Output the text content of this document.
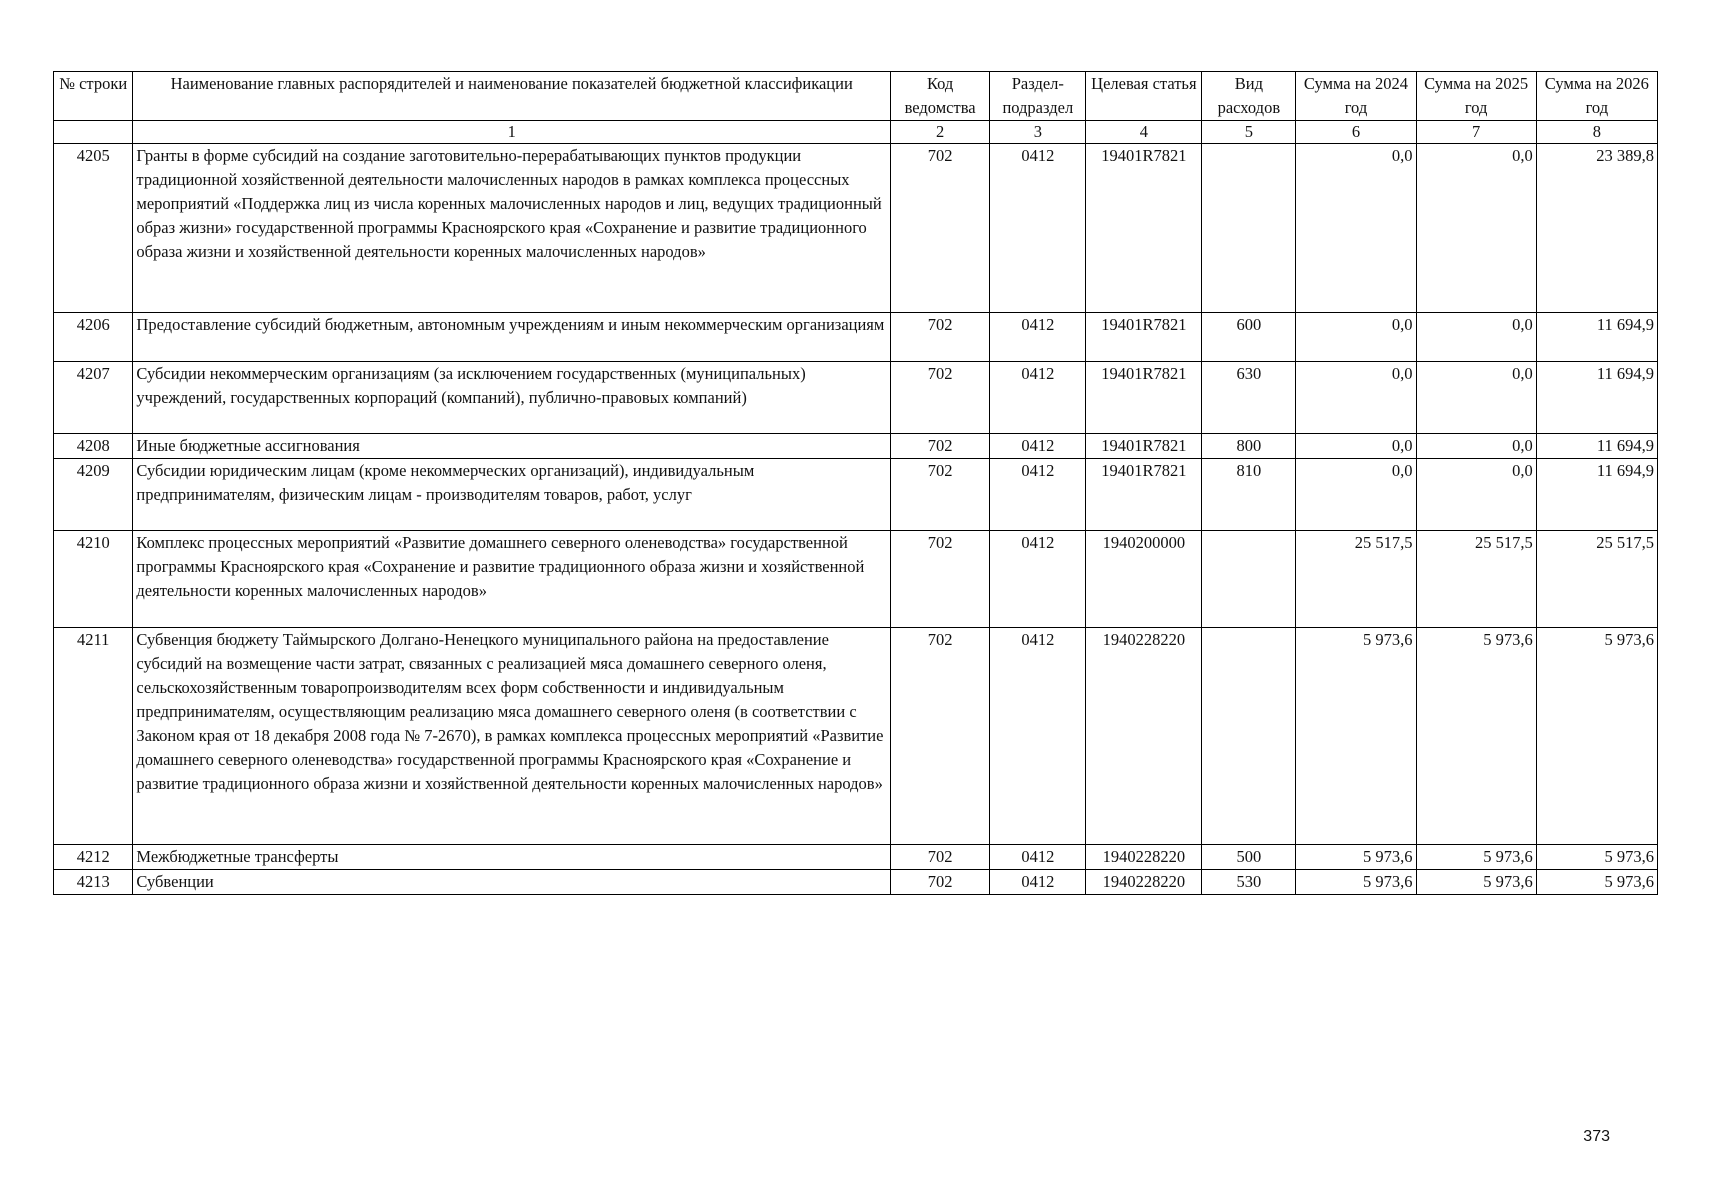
№ строки	Наименование главных распорядителей и наименование показателей бюджетной классификации	Код ведомства	Раздел-подраздел	Целевая статья	Вид расходов	Сумма на 2024 год	Сумма на 2025 год	Сумма на 2026 год
	1	2	3	4	5	6	7	8
4205	Гранты в форме субсидий на создание заготовительно-перерабатывающих пунктов продукции традиционной хозяйственной деятельности малочисленных народов в рамках комплекса процессных мероприятий «Поддержка лиц из числа коренных малочисленных народов и лиц, ведущих традиционный образ жизни» государственной программы Красноярского края «Сохранение и развитие традиционного образа жизни и хозяйственной деятельности коренных малочисленных народов»	702	0412	19401R7821		0,0	0,0	23 389,8
4206	Предоставление субсидий бюджетным, автономным учреждениям и иным некоммерческим организациям	702	0412	19401R7821	600	0,0	0,0	11 694,9
4207	Субсидии некоммерческим организациям (за исключением государственных (муниципальных) учреждений, государственных корпораций (компаний), публично-правовых компаний)	702	0412	19401R7821	630	0,0	0,0	11 694,9
4208	Иные бюджетные ассигнования	702	0412	19401R7821	800	0,0	0,0	11 694,9
4209	Субсидии юридическим лицам (кроме некоммерческих организаций), индивидуальным предпринимателям, физическим лицам - производителям товаров, работ, услуг	702	0412	19401R7821	810	0,0	0,0	11 694,9
4210	Комплекс процессных мероприятий «Развитие домашнего северного оленеводства» государственной программы Красноярского края «Сохранение и развитие традиционного образа жизни и хозяйственной деятельности коренных малочисленных народов»	702	0412	1940200000		25 517,5	25 517,5	25 517,5
4211	Субвенция бюджету Таймырского Долгано-Ненецкого муниципального района на предоставление субсидий на возмещение части затрат, связанных с реализацией мяса домашнего северного оленя, сельскохозяйственным товаропроизводителям всех форм собственности и индивидуальным предпринимателям, осуществляющим реализацию мяса домашнего северного оленя (в соответствии с Законом края от 18 декабря 2008 года № 7-2670), в рамках комплекса процессных мероприятий «Развитие домашнего северного оленеводства» государственной программы Красноярского края «Сохранение и развитие традиционного образа жизни и хозяйственной деятельности коренных малочисленных народов»	702	0412	1940228220		5 973,6	5 973,6	5 973,6
4212	Межбюджетные трансферты	702	0412	1940228220	500	5 973,6	5 973,6	5 973,6
4213	Субвенции	702	0412	1940228220	530	5 973,6	5 973,6	5 973,6
373
